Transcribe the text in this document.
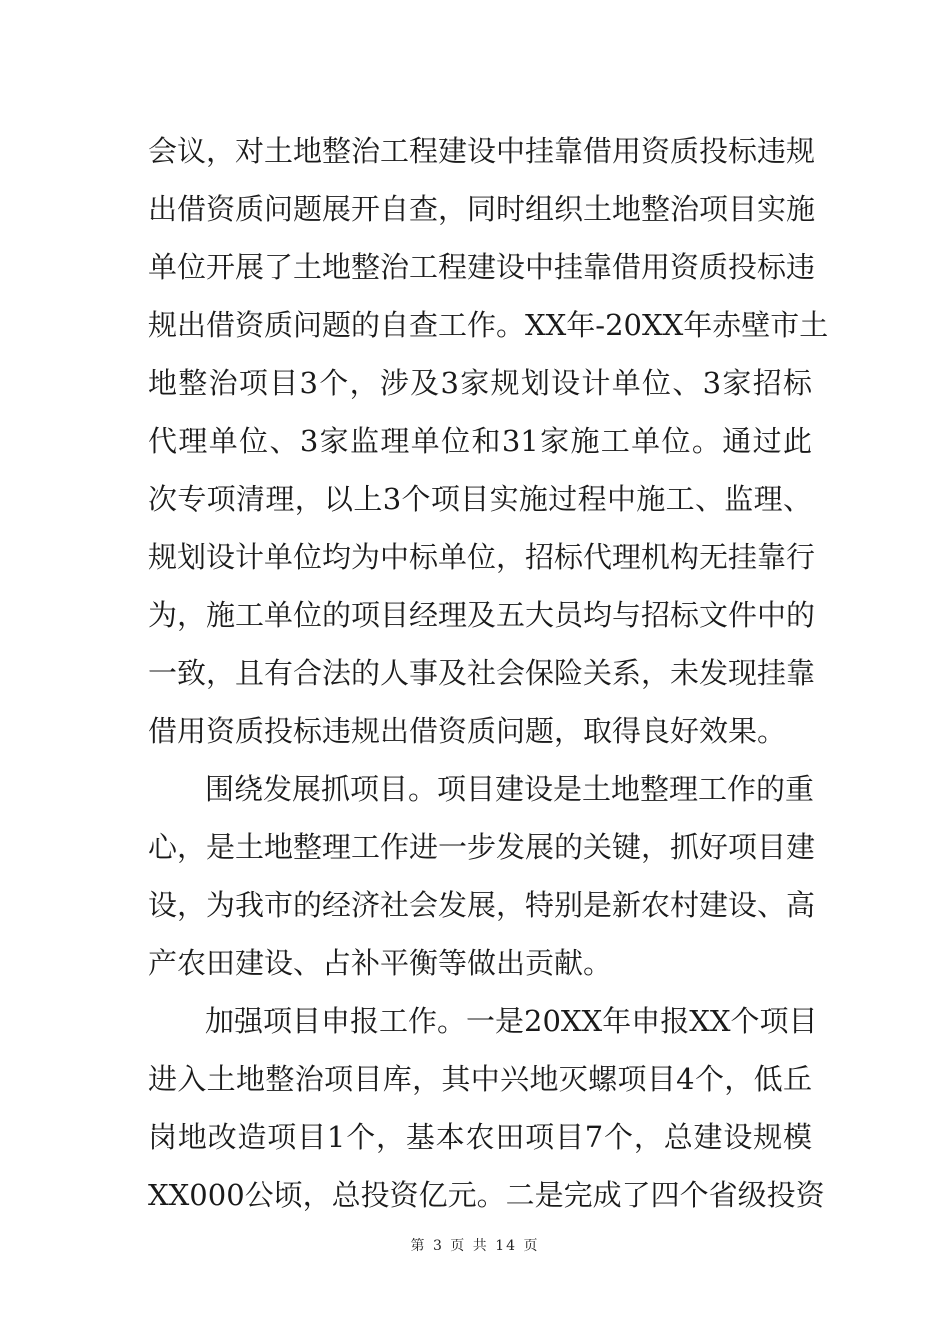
会议，对土地整治工程建设中挂靠借用资质投标违规
出借资质问题展开自查，同时组织土地整治项目实施
单位开展了土地整治工程建设中挂靠借用资质投标违
规出借资质问题的自查工作。XX年-20XX年赤壁市土
地整治项目3个，涉及3家规划设计单位、3家招标
代理单位、3家监理单位和31家施工单位。通过此
次专项清理，以上3个项目实施过程中施工、监理、
规划设计单位均为中标单位，招标代理机构无挂靠行
为，施工单位的项目经理及五大员均与招标文件中的
一致，且有合法的人事及社会保险关系，未发现挂靠
借用资质投标违规出借资质问题，取得良好效果。
围绕发展抓项目。项目建设是土地整理工作的重
心，是土地整理工作进一步发展的关键，抓好项目建
设，为我市的经济社会发展，特别是新农村建设、高
产农田建设、占补平衡等做出贡献。
加强项目申报工作。一是20XX年申报XX个项目
进入土地整治项目库，其中兴地灭螺项目4个，低丘
岗地改造项目1个，基本农田项目7个，总建设规模
XX000公顷，总投资亿元。二是完成了四个省级投资
第 3 页 共 14 页
